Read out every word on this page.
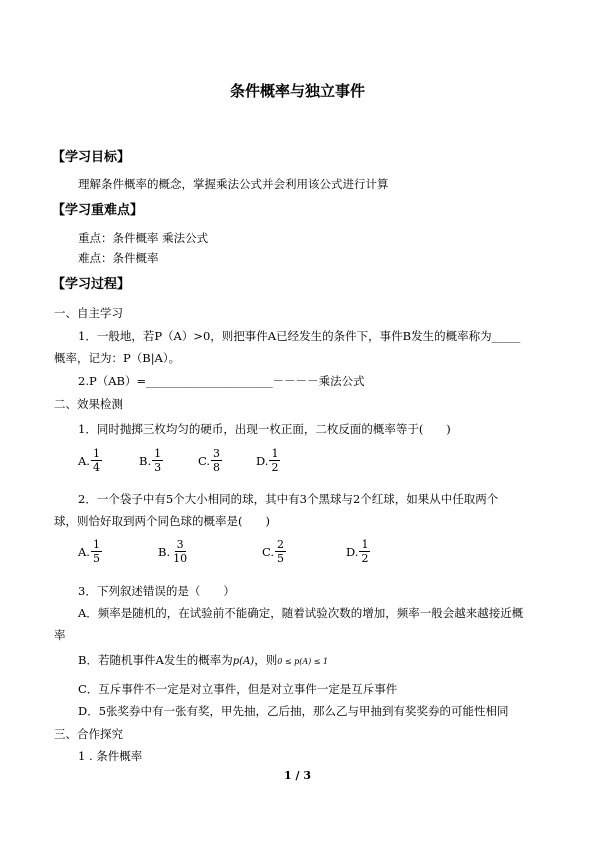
条件概率与独立事件
【学习目标】
理解条件概率的概念，掌握乘法公式并会利用该公式进行计算
【学习重难点】
重点：条件概率 乘法公式
难点：条件概率
【学习过程】
一、自主学习
1．一般地，若P（A）>0，则把事件A已经发生的条件下，事件B发生的概率称为_____
概率，记为：P（B|A）。
2.P（AB）=______________________－－－－乘法公式
二、效果检测
1．同时抛掷三枚均匀的硬币，出现一枚正面，二枚反面的概率等于(　　)
A. $\frac{1}{4}$	B. $\frac{1}{3}$	C. $\frac{3}{8}$	D. $\frac{1}{2}$
2．一个袋子中有5个大小相同的球，其中有3个黑球与2个红球，如果从中任取两个
球，则恰好取到两个同色球的概率是(　　)
A. $\frac{1}{5}$	B. $\frac{3}{10}$	C. $\frac{2}{5}$	D. $\frac{1}{2}$
3．下列叙述错误的是（　　）
A．频率是随机的，在试验前不能确定，随着试验次数的增加，频率一般会越来越接近概
率
B．若随机事件A发生的概率为p(A)，则0 ≤ p(A) ≤ 1
C．互斥事件不一定是对立事件，但是对立事件一定是互斥事件
D．5张奖券中有一张有奖，甲先抽，乙后抽，那么乙与甲抽到有奖奖券的可能性相同
三、合作探究
1 . 条件概率
1 / 3
